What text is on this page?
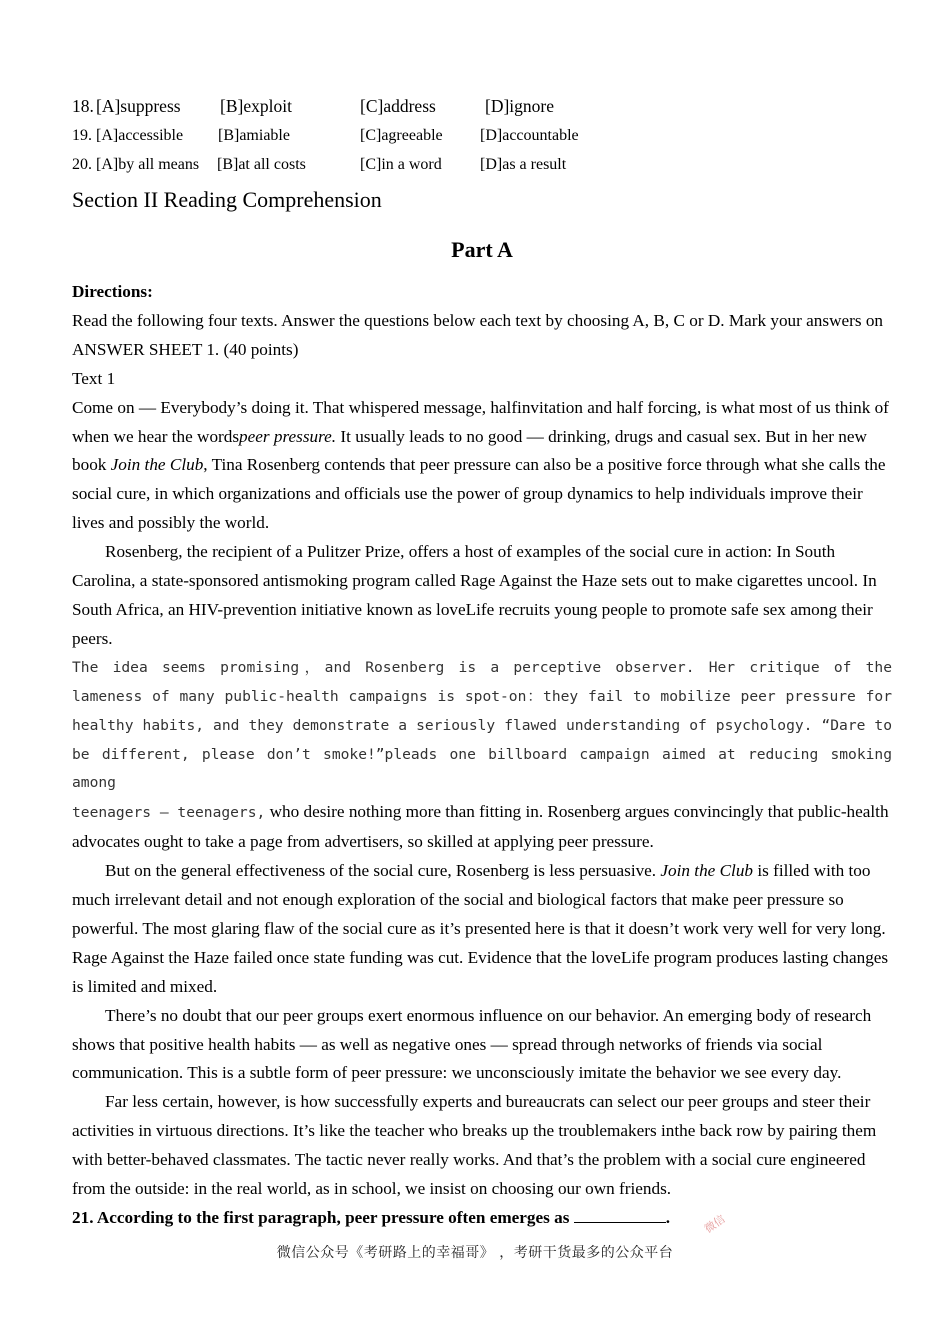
18. [A]suppress [B]exploit	[C]address	[D]ignore
19. [A]accessible [B]amiable	[C]agreeable [D]accountable
20. [A]by all means [B]at all costs	[C]in a word [D]as a result
Section II Reading Comprehension
Part A

Directions:

Read the following four texts. Answer the questions below each text by choosing A, B, C or D. Mark your answers on ANSWER SHEET 1. (40 points)

Text 1

Come on — Everybody’s doing it. That whispered message, halfinvitation and half forcing, is what most of us think of when we hear the wordspeer pressure. It usually leads to no good — drinking, drugs and casual sex. But in her new book Join the Club, Tina Rosenberg contends that peer pressure can also be a positive force through what she calls the social cure, in which organizations and officials use the power of group dynamics to help individuals improve their lives and possibly the world.

Rosenberg, the recipient of a Pulitzer Prize, offers a host of examples of the social cure in action: In South Carolina, a state-sponsored antismoking program called Rage Against the Haze sets out to make cigarettes uncool. In South Africa, an HIV-prevention initiative known as loveLife recruits young people to promote safe sex among their peers.

The idea seems promising，and Rosenberg is a perceptive observer. Her critique of the lameness of many public-health campaigns is spot-on：they fail to mobilize peer pressure for healthy habits, and they demonstrate a seriously flawed understanding of psychology. “Dare to be different, please don’t smoke!”pleads one billboard campaign aimed at reducing smoking among
teenagers — teenagers, who desire nothing more than fitting in. Rosenberg argues convincingly that public-health advocates ought to take a page from advertisers, so skilled at applying peer pressure.

But on the general effectiveness of the social cure, Rosenberg is less persuasive. Join the Club is filled with too much irrelevant detail and not enough exploration of the social and biological factors that make peer pressure so powerful. The most glaring flaw of the social cure as it’s presented here is that it doesn’t work very well for very long. Rage Against the Haze failed once state funding was cut. Evidence that the loveLife program produces lasting changes is limited and mixed.

There’s no doubt that our peer groups exert enormous influence on our behavior. An emerging body of research shows that positive health habits — as well as negative ones — spread through networks of friends via social communication. This is a subtle form of peer pressure: we unconsciously imitate the behavior we see every day.

Far less certain, however, is how successfully experts and bureaucrats can select our peer groups and steer their activities in virtuous directions. It’s like the teacher who breaks up the troublemakers inthe back row by pairing them with better-behaved classmates. The tactic never really works. And that’s the problem with a social cure engineered from the outside: in the real world, as in school, we insist on choosing our own friends.

21. According to the first paragraph, peer pressure often emerges as	.	微信
微信公众号《考研路上的幸福哥》 ，考研干货最多的公众平台
